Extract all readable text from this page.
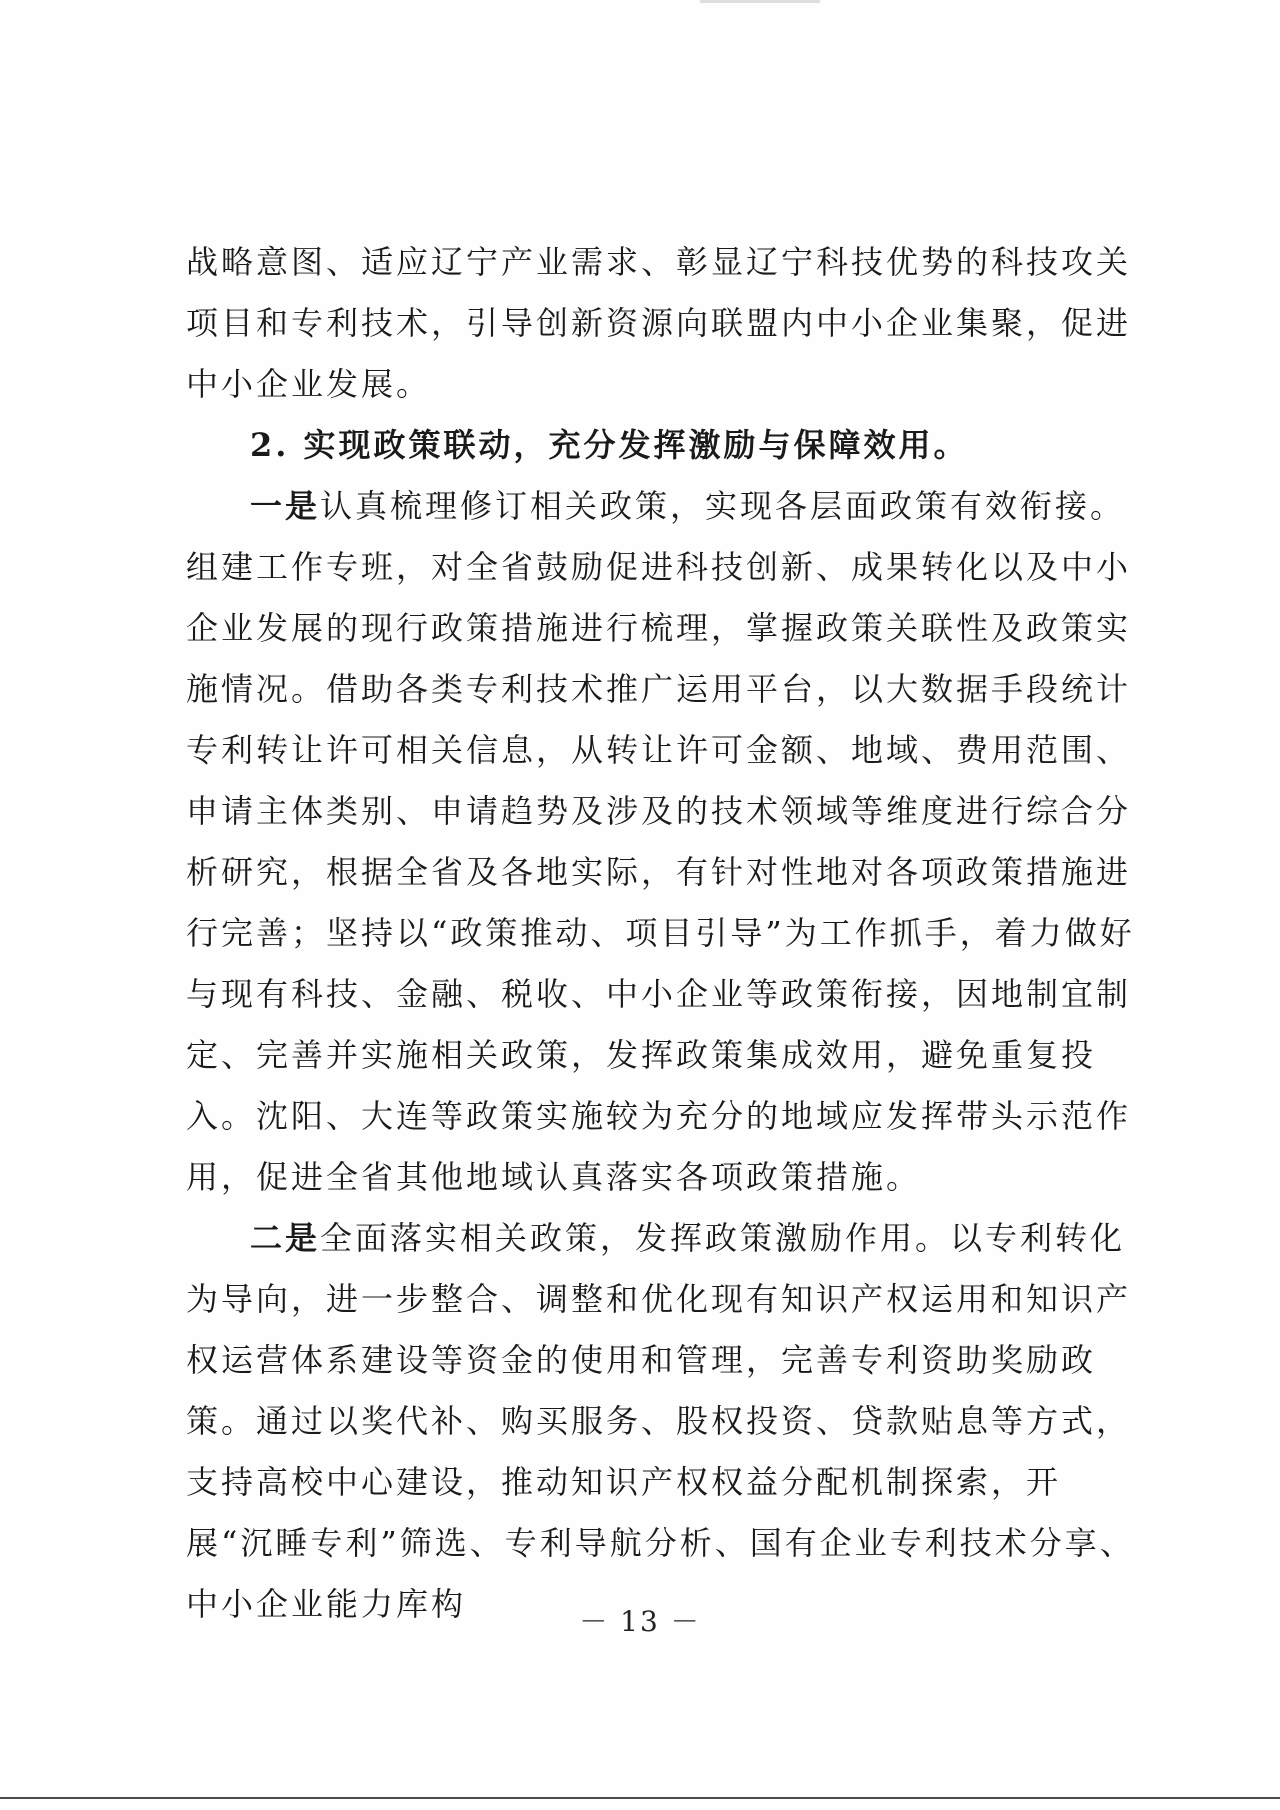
战略意图、适应辽宁产业需求、彰显辽宁科技优势的科技攻关项目和专利技术，引导创新资源向联盟内中小企业集聚，促进中小企业发展。

2. 实现政策联动，充分发挥激励与保障效用。

一是认真梳理修订相关政策，实现各层面政策有效衔接。组建工作专班，对全省鼓励促进科技创新、成果转化以及中小企业发展的现行政策措施进行梳理，掌握政策关联性及政策实施情况。借助各类专利技术推广运用平台，以大数据手段统计专利转让许可相关信息，从转让许可金额、地域、费用范围、申请主体类别、申请趋势及涉及的技术领域等维度进行综合分析研究，根据全省及各地实际，有针对性地对各项政策措施进行完善；坚持以“政策推动、项目引导”为工作抓手，着力做好与现有科技、金融、税收、中小企业等政策衔接，因地制宜制定、完善并实施相关政策，发挥政策集成效用，避免重复投入。沈阳、大连等政策实施较为充分的地域应发挥带头示范作用，促进全省其他地域认真落实各项政策措施。

二是全面落实相关政策，发挥政策激励作用。以专利转化为导向，进一步整合、调整和优化现有知识产权运用和知识产权运营体系建设等资金的使用和管理，完善专利资助奖励政策。通过以奖代补、购买服务、股权投资、贷款贴息等方式，支持高校中心建设，推动知识产权权益分配机制探索，开展“沉睡专利”筛选、专利导航分析、国有企业专利技术分享、中小企业能力库构	－ 13 －
